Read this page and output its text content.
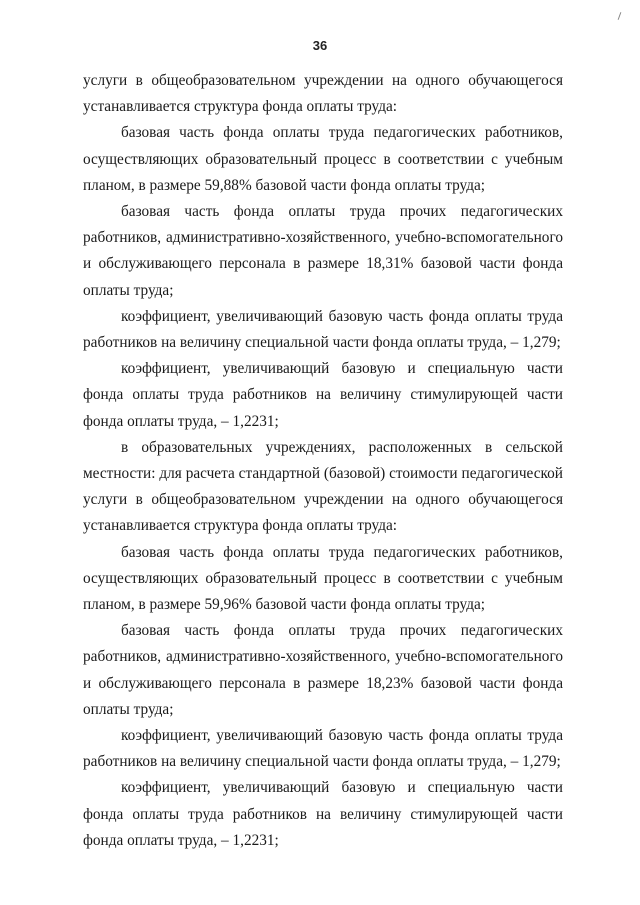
36

услуги в общеобразовательном учреждении на одного обучающегося устанавливается структура фонда оплаты труда:

базовая часть фонда оплаты труда педагогических работников, осуществляющих образовательный процесс в соответствии с учебным планом, в размере 59,88% базовой части фонда оплаты труда;

базовая часть фонда оплаты труда прочих педагогических работников, административно-хозяйственного, учебно-вспомогательного и обслуживающего персонала в размере 18,31% базовой части фонда оплаты труда;

коэффициент, увеличивающий базовую часть фонда оплаты труда работников на величину специальной части фонда оплаты труда, – 1,279;

коэффициент, увеличивающий базовую и специальную части фонда оплаты труда работников на величину стимулирующей части фонда оплаты труда, – 1,2231;

в образовательных учреждениях, расположенных в сельской местности: для расчета стандартной (базовой) стоимости педагогической услуги в общеобразовательном учреждении на одного обучающегося устанавливается структура фонда оплаты труда:

базовая часть фонда оплаты труда педагогических работников, осуществляющих образовательный процесс в соответствии с учебным планом, в размере 59,96% базовой части фонда оплаты труда;

базовая часть фонда оплаты труда прочих педагогических работников, административно-хозяйственного, учебно-вспомогательного и обслуживающего персонала в размере 18,23% базовой части фонда оплаты труда;

коэффициент, увеличивающий базовую часть фонда оплаты труда работников на величину специальной части фонда оплаты труда, – 1,279;

коэффициент, увеличивающий базовую и специальную части фонда оплаты труда работников на величину стимулирующей части фонда оплаты труда, – 1,2231;
